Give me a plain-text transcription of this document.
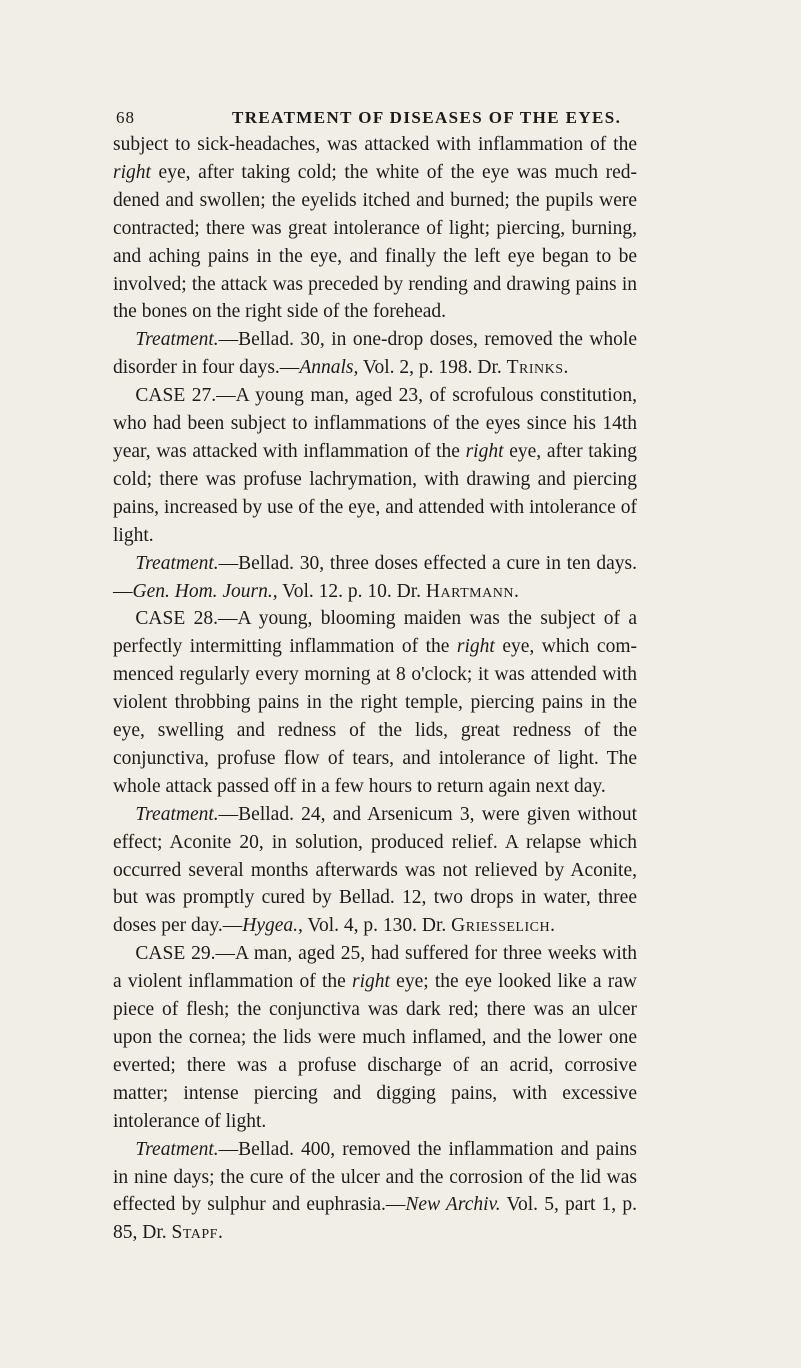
68	TREATMENT OF DISEASES OF THE EYES.

subject to sick-headaches, was attacked with inflammation of the right eye, after taking cold; the white of the eye was much red-dened and swollen; the eyelids itched and burned; the pupils were contracted; there was great intolerance of light; piercing, burning, and aching pains in the eye, and finally the left eye began to be involved; the attack was preceded by rending and drawing pains in the bones on the right side of the forehead.

Treatment.—Bellad. 30, in one-drop doses, removed the whole disorder in four days.—Annals, Vol. 2, p. 198. Dr. Trinks.

CASE 27.—A young man, aged 23, of scrofulous constitution, who had been subject to inflammations of the eyes since his 14th year, was attacked with inflammation of the right eye, after taking cold; there was profuse lachrymation, with drawing and piercing pains, increased by use of the eye, and attended with intolerance of light.

Treatment.—Bellad. 30, three doses effected a cure in ten days.—Gen. Hom. Journ., Vol. 12. p. 10. Dr. Hartmann.

CASE 28.—A young, blooming maiden was the subject of a perfectly intermitting inflammation of the right eye, which com-menced regularly every morning at 8 o'clock; it was attended with violent throbbing pains in the right temple, piercing pains in the eye, swelling and redness of the lids, great redness of the conjunctiva, profuse flow of tears, and intolerance of light. The whole attack passed off in a few hours to return again next day.

Treatment.—Bellad. 24, and Arsenicum 3, were given without effect; Aconite 20, in solution, produced relief. A relapse which occurred several months afterwards was not relieved by Aconite, but was promptly cured by Bellad. 12, two drops in water, three doses per day.—Hygea., Vol. 4, p. 130. Dr. Griesselich.

CASE 29.—A man, aged 25, had suffered for three weeks with a violent inflammation of the right eye; the eye looked like a raw piece of flesh; the conjunctiva was dark red; there was an ulcer upon the cornea; the lids were much inflamed, and the lower one everted; there was a profuse discharge of an acrid, corrosive matter; intense piercing and digging pains, with excessive intolerance of light.

Treatment.—Bellad. 400, removed the inflammation and pains in nine days; the cure of the ulcer and the corrosion of the lid was effected by sulphur and euphrasia.—New Archiv. Vol. 5, part 1, p. 85, Dr. Stapf.
